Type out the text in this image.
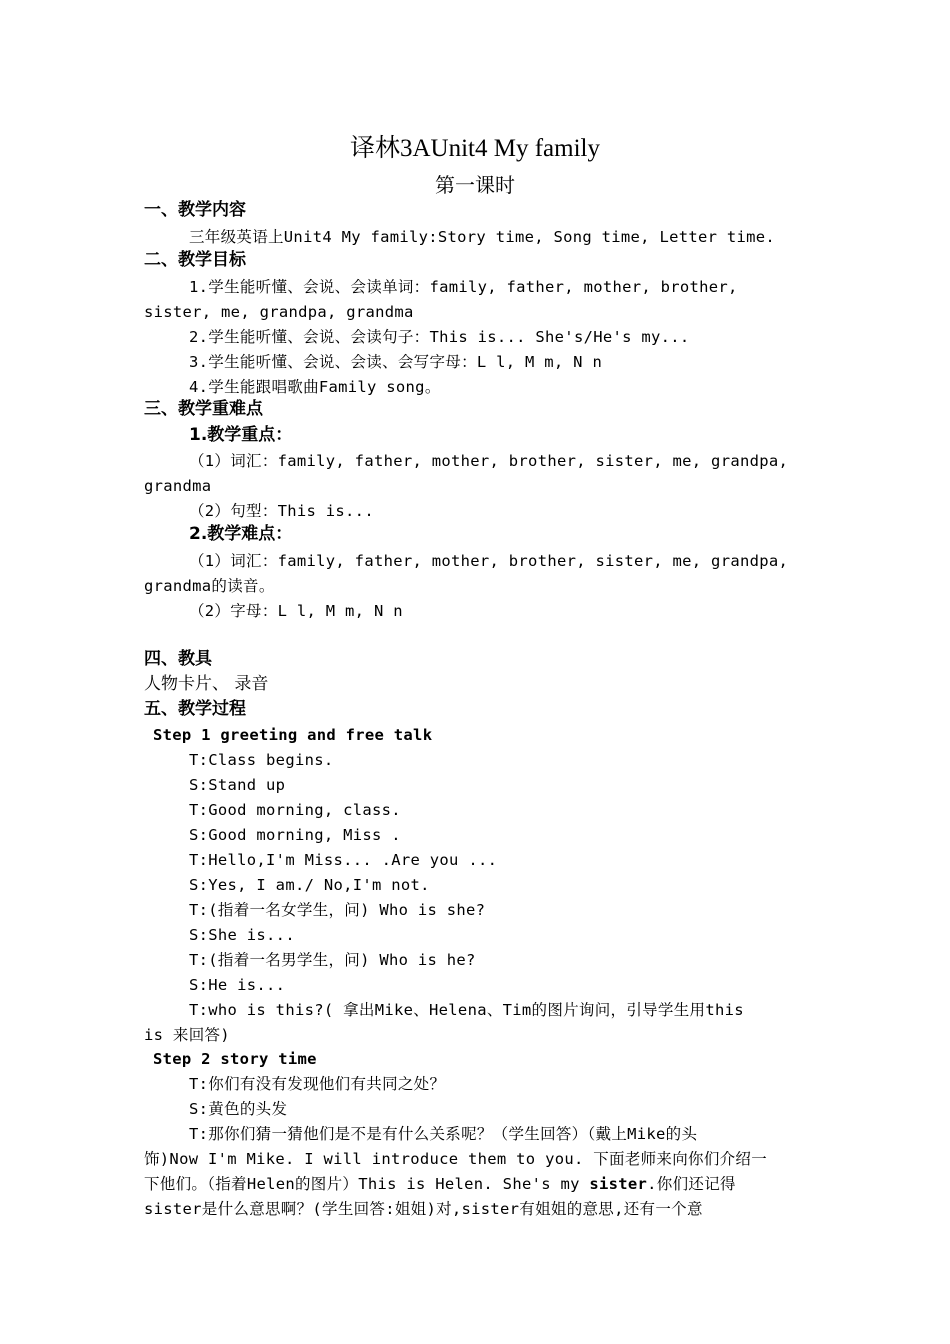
译林3AUnit4 My family
第一课时
一、教学内容
三年级英语上Unit4 My family:Story time, Song time, Letter time.
二、教学目标
1.学生能听懂、会说、会读单词：family, father, mother, brother,
sister, me, grandpa, grandma
2.学生能听懂、会说、会读句子：This is... She's/He's my...
3.学生能听懂、会说、会读、会写字母：L l, M m, N n
4.学生能跟唱歌曲Family song。
三、教学重难点
1.教学重点：
（1）词汇：family, father, mother, brother, sister, me, grandpa,
grandma
（2）句型：This is...
2.教学难点：
（1）词汇：family, father, mother, brother, sister, me, grandpa,
grandma的读音。
（2）字母：L l, M m, N n
四、教具
人物卡片、 录音
五、教学过程
Step 1 greeting and free talk
T:Class begins.
S:Stand up
T:Good morning, class.
S:Good morning, Miss .
T:Hello,I'm Miss... .Are you ...
S:Yes, I am./ No,I'm not.
T:(指着一名女学生，问) Who is she?
S:She is...
T:(指着一名男学生，问) Who is he?
S:He is...
T:who is this?( 拿出Mike、Helena、Tim的图片询问，引导学生用this
is 来回答)
Step 2 story time
T:你们有没有发现他们有共同之处？
S:黄色的头发
T:那你们猜一猜他们是不是有什么关系呢？（学生回答）（戴上Mike的头
饰)Now I'm Mike. I will introduce them to you. 下面老师来向你们介绍一
下他们。（指着Helen的图片）This is Helen. She's my sister.你们还记得
sister是什么意思啊？(学生回答:姐姐)对,sister有姐姐的意思,还有一个意
